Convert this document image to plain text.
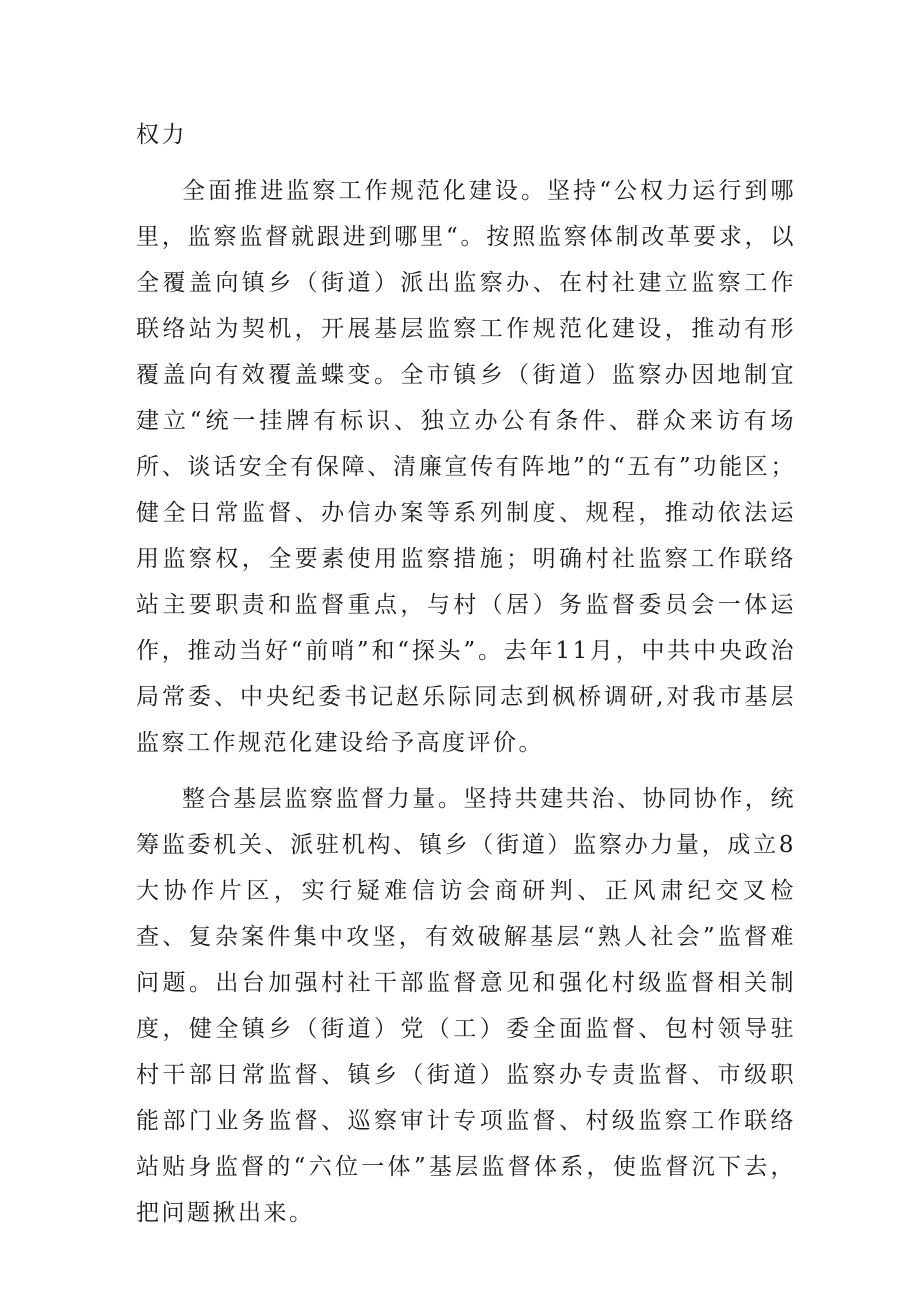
权力

全面推进监察工作规范化建设。坚持“公权力运行到哪里，监察监督就跟进到哪里“。按照监察体制改革要求，以全覆盖向镇乡（街道）派出监察办、在村社建立监察工作联络站为契机，开展基层监察工作规范化建设，推动有形覆盖向有效覆盖蝶变。全市镇乡（街道）监察办因地制宜建立“统一挂牌有标识、独立办公有条件、群众来访有场所、谈话安全有保障、清廉宣传有阵地”的“五有”功能区；健全日常监督、办信办案等系列制度、规程，推动依法运用监察权，全要素使用监察措施；明确村社监察工作联络站主要职责和监督重点，与村（居）务监督委员会一体运作，推动当好“前哨”和“探头”。去年11月，中共中央政治局常委、中央纪委书记赵乐际同志到枫桥调研,对我市基层监察工作规范化建设给予高度评价。

整合基层监察监督力量。坚持共建共治、协同协作，统筹监委机关、派驻机构、镇乡（街道）监察办力量，成立8大协作片区，实行疑难信访会商研判、正风肃纪交叉检查、复杂案件集中攻坚，有效破解基层“熟人社会”监督难问题。出台加强村社干部监督意见和强化村级监督相关制度，健全镇乡（街道）党（工）委全面监督、包村领导驻村干部日常监督、镇乡（街道）监察办专责监督、市级职能部门业务监督、巡察审计专项监督、村级监察工作联络站贴身监督的“六位一体”基层监督体系，使监督沉下去，把问题揪出来。
